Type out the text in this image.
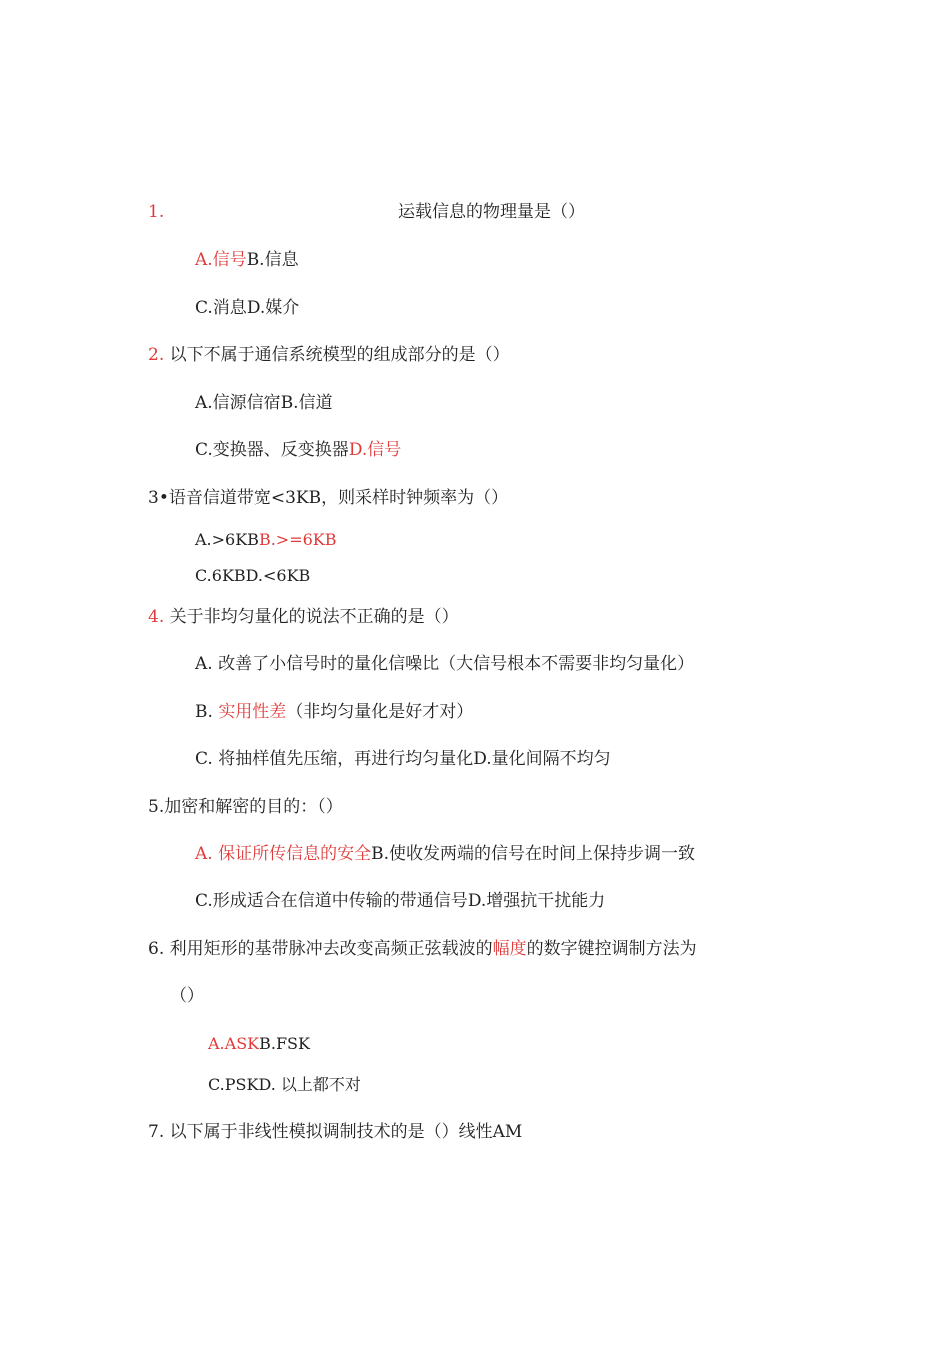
1.	运载信息的物理量是（）
A.信号B.信息
C.消息D.媒介
2. 以下不属于通信系统模型的组成部分的是（）
A.信源信宿B.信道
C.变换器、反变换器D.信号
3•语音信道带宽<3KB，则采样时钟频率为（）
A.>6KBB.>=6KB
C.6KBD.<6KB
4. 关于非均匀量化的说法不正确的是（）
A. 改善了小信号时的量化信噪比（大信号根本不需要非均匀量化）
B. 实用性差（非均匀量化是好才对）
C. 将抽样值先压缩，再进行均匀量化D.量化间隔不均匀
5.加密和解密的目的：（）
A. 保证所传信息的安全B.使收发两端的信号在时间上保持步调一致
C.形成适合在信道中传输的带通信号D.增强抗干扰能力
6. 利用矩形的基带脉冲去改变高频正弦载波的幅度的数字键控调制方法为
（）
A.ASKB.FSK
C.PSKD. 以上都不对
7. 以下属于非线性模拟调制技术的是（）线性AM
